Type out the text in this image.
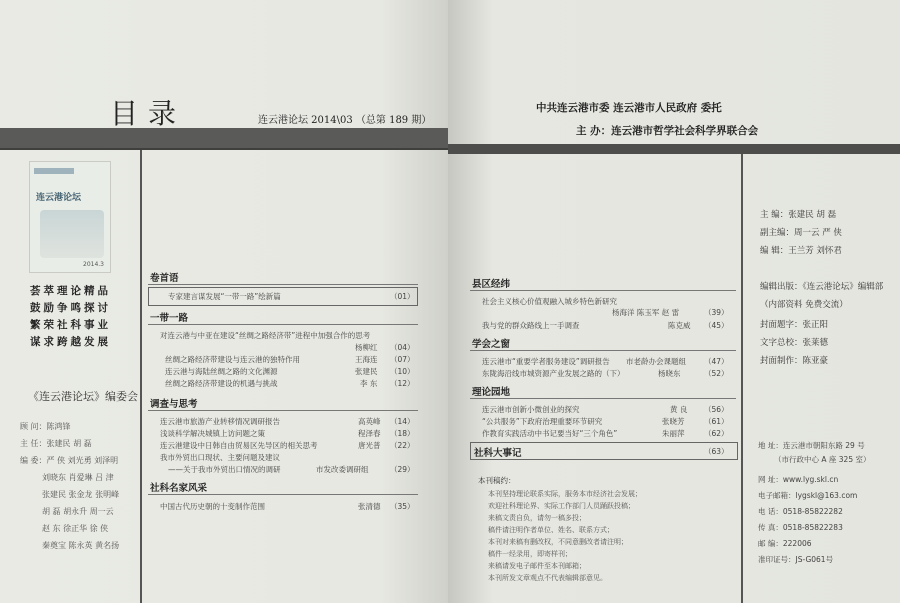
目录	连云港论坛 2014\03 （总第 189 期）
连云港论坛
2014.3
荟萃理论精品
鼓励争鸣探讨
繁荣社科事业
谋求跨越发展
《连云港论坛》编委会
顾 问：陈鸿锋
主 任：张建民 胡 磊
编 委：严 侠 刘光勇 刘泽明
刘晓东 肖爱琳 吕 津
张建民 张金龙 张明峰
胡 磊 胡永升 周一云
赵 东 徐正华 徐 侠
秦奠宝 陈永英 黄名扬
卷首语
专家建言谋发展“一带一路”绘新篇	（01）
一带一路
对连云港与中亚在建设“丝绸之路经济带”进程中加强合作的思考
杨柳红 （04）
丝绸之路经济带建设与连云港的独特作用	王海连 （07）
连云港与海陆丝绸之路的文化渊源	张建民 （10）
丝绸之路经济带建设的机遇与挑战	李 东 （12）
调查与思考
连云港市旅游产业转移情况调研报告	高英峰 （14）
浅谈科学解决城镇上访问题之策	程泽春 （18）
连云港建设中日韩自由贸易区先导区的相关思考	唐光普 （22）
我市外贸出口现状、主要问题及建议
——关于我市外贸出口情况的调研	市发改委调研组	（29）
社科名家风采
中国古代历史朝的十变制作范围	张清德 （35）
中共连云港市委 连云港市人民政府 委托
主 办：连云港市哲学社会科学界联合会
县区经纬
社会主义核心价值观融入城乡特色新研究
杨海洋 陈玉军 赵 雷	（39）
我与党的群众路线上一手调查	陈克威 （45）
学会之窗
连云港市“重要学者服务建设”调研报告 市老龄办会课题组 （47）
东陇海沿线市城资源产业发展之路的（下）	杨晓东	（52）
理论园地
连云港市创新小微创业的探究	黄 良 （56）
“公共服务”下政府治理重要环节研究	张晓芳	（61）
作教育实践活动中书记要当好“三个角色”	朱丽萍	（62）
社科大事记	（63）
本刊稿约：
本刊坚持理论联系实际，服务本市经济社会发展；
欢迎社科理论界、实际工作部门人员踊跃投稿；
来稿文责自负，请勿一稿多投；
稿件请注明作者单位、姓名、联系方式；
本刊对来稿有删改权，不同意删改者请注明；
稿件一经录用，即寄样刊；
来稿请发电子邮件至本刊邮箱；
本刊所发文章观点不代表编辑部意见。
主 编：张建民 胡 磊
副主编：周一云 严 侠
编 辑：王兰芳 刘怀君
编辑出版：《连云港论坛》编辑部
（内部资料 免费交流）
封面题字：张正阳
文字总校：张莱德
封面制作：陈亚豪
地 址：连云港市朝阳东路 29 号
（市行政中心 A 座 325 室）
网 址：www.lyg.skl.cn
电子邮箱：lygskl@163.com
电 话：0518-85822282
传 真：0518-85822283
邮 编：222006
准印证号：JS-G061号
